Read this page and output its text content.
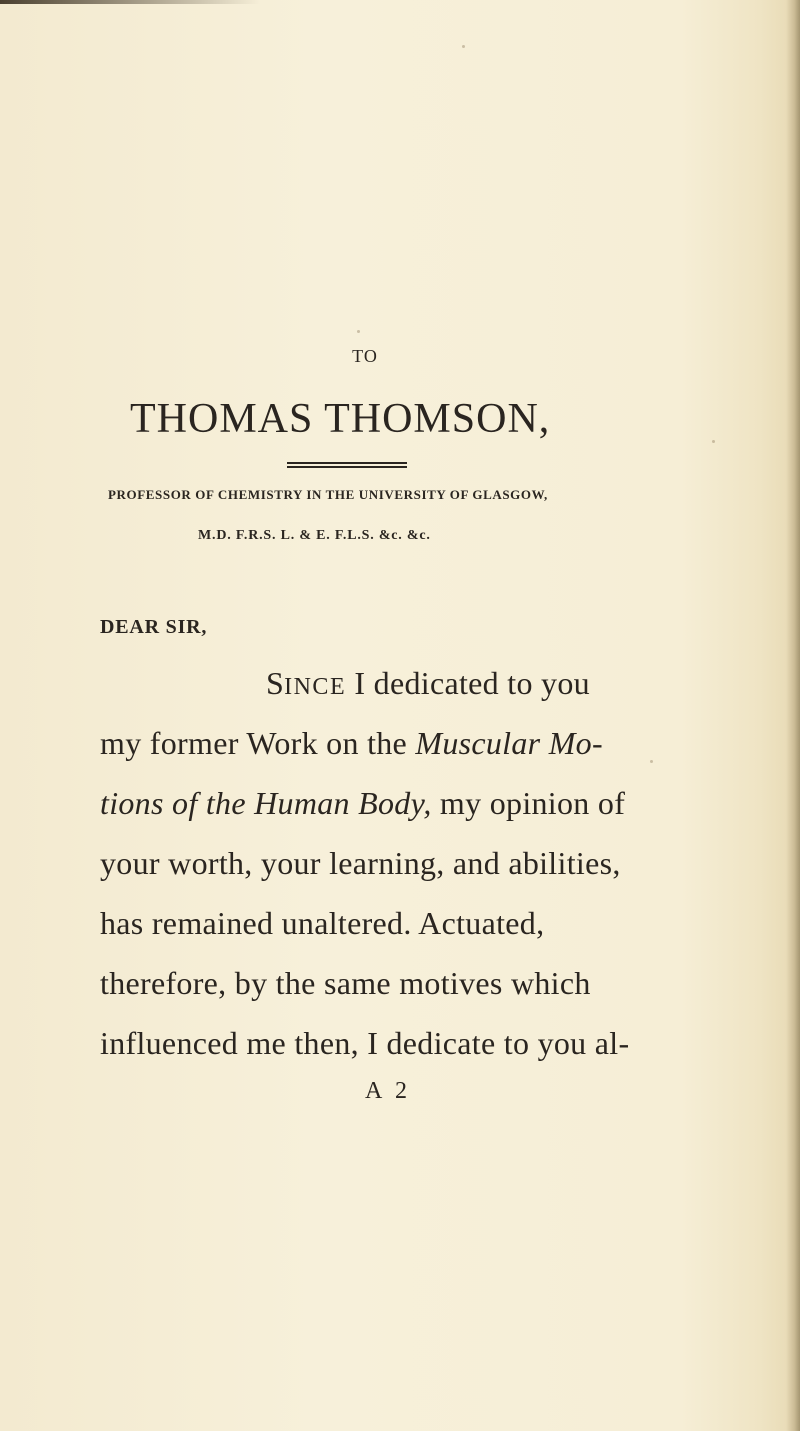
TO
THOMAS THOMSON,
PROFESSOR OF CHEMISTRY IN THE UNIVERSITY OF GLASGOW,
M.D. F.R.S. L. & E. F.L.S. &c. &c.
DEAR SIR,
SINCE I dedicated to you
my former Work on the Muscular Mo-
tions of the Human Body, my opinion of
your worth, your learning, and abilities,
has remained unaltered. Actuated,
therefore, by the same motives which
influenced me then, I dedicate to you al-
A 2
